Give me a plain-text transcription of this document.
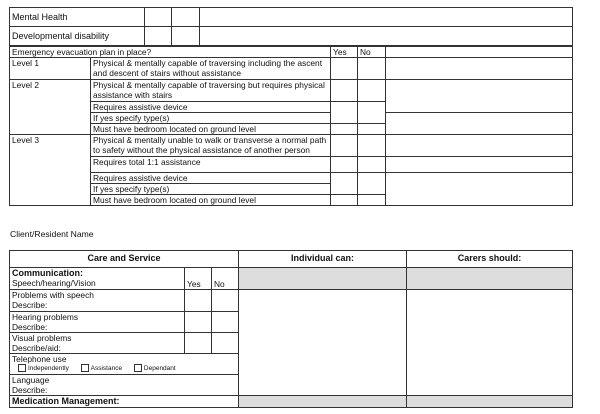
Mental Health			
Developmental disability			
Emergency evacuation plan in place?		Yes	No	
Level 1	Physical & mentally capable of traversing including the ascent and descent of stairs without assistance			
Level 2	Physical & mentally capable of traversing but requires physical assistance with stairs			
	Requires assistive device			
	If yes specify type(s)			
	Must have bedroom located on ground level			
Level 3	Physical & mentally unable to walk or transverse a normal path to safety without the physical assistance of another person			
	Requires total 1:1 assistance			
	Requires assistive device			
	If yes specify type(s)			
	Must have bedroom located on ground level			
Client/Resident Name
Care and Service			Individual can:	Carers should:

Communication:
Speech/hearing/Vision	Yes	No		

Problems with speech
Describe:				

Hearing problems
Describe:				

Visual problems
Describe/aid:				

Telephone use
Independently Assistance Dependant				

Language
Describe:				

Medication Management:				
